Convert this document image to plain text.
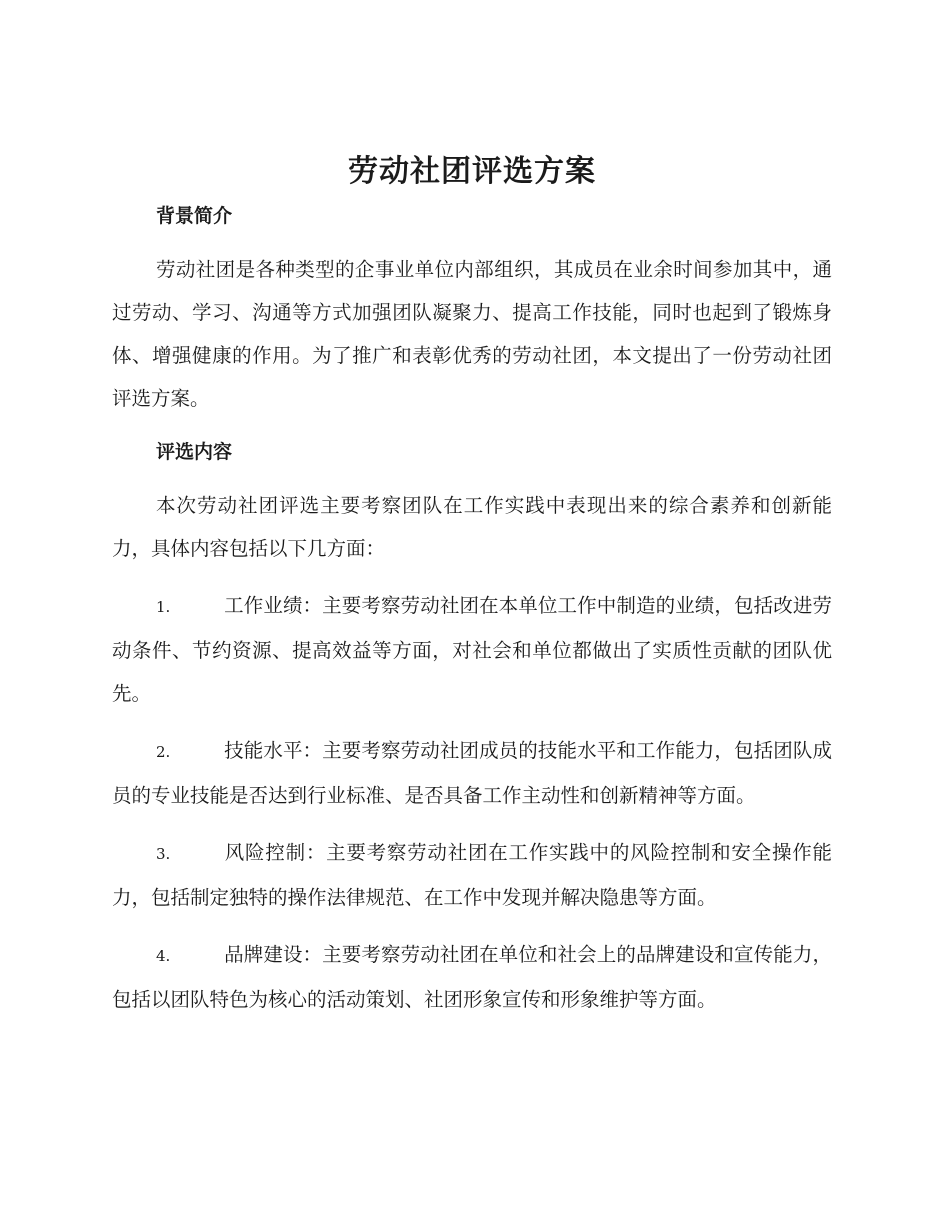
劳动社团评选方案
背景简介

劳动社团是各种类型的企事业单位内部组织，其成员在业余时间参加其中，通过劳动、学习、沟通等方式加强团队凝聚力、提高工作技能，同时也起到了锻炼身体、增强健康的作用。为了推广和表彰优秀的劳动社团，本文提出了一份劳动社团评选方案。

评选内容

本次劳动社团评选主要考察团队在工作实践中表现出来的综合素养和创新能力，具体内容包括以下几方面：

1.	工作业绩：主要考察劳动社团在本单位工作中制造的业绩，包括改进劳动条件、节约资源、提高效益等方面，对社会和单位都做出了实质性贡献的团队优先。

2.	技能水平：主要考察劳动社团成员的技能水平和工作能力，包括团队成员的专业技能是否达到行业标准、是否具备工作主动性和创新精神等方面。

3.	风险控制：主要考察劳动社团在工作实践中的风险控制和安全操作能力，包括制定独特的操作法律规范、在工作中发现并解决隐患等方面。

4.	品牌建设：主要考察劳动社团在单位和社会上的品牌建设和宣传能力，包括以团队特色为核心的活动策划、社团形象宣传和形象维护等方面。
